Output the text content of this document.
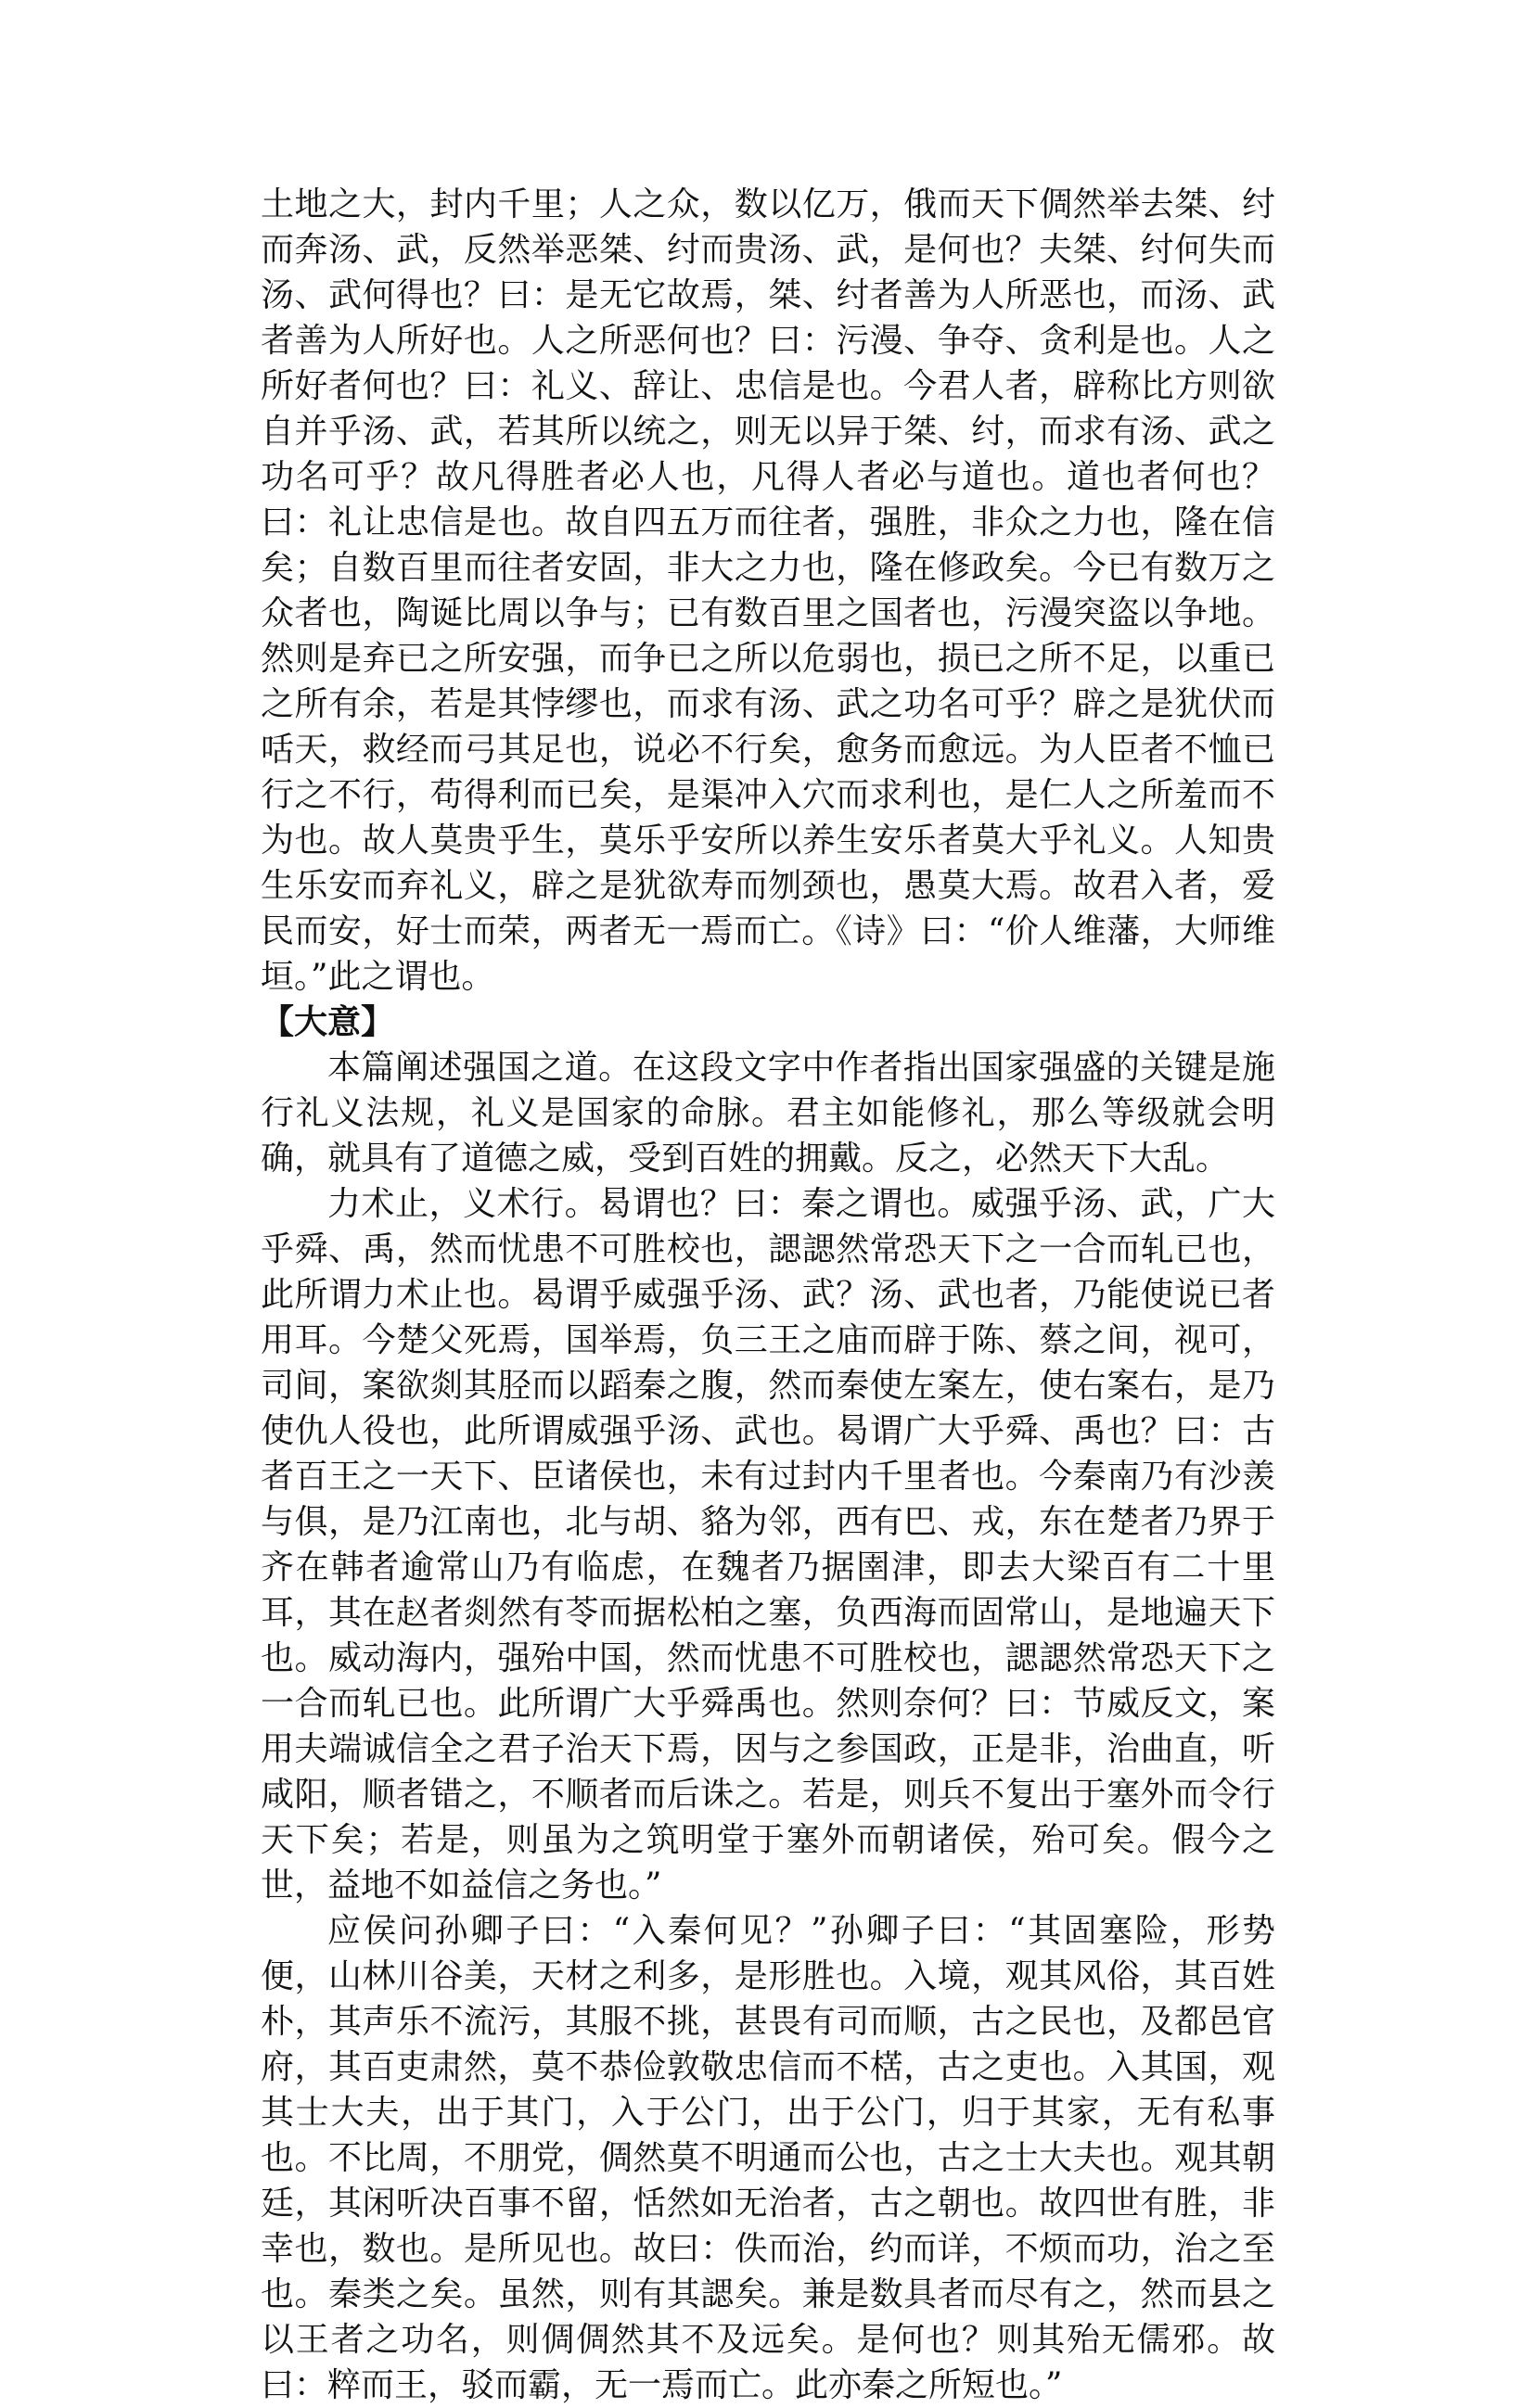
土地之大，封内千里；人之众，数以亿万，俄而天下倜然举去桀、纣而奔汤、武，反然举恶桀、纣而贵汤、武，是何也？夫桀、纣何失而汤、武何得也？曰：是无它故焉，桀、纣者善为人所恶也，而汤、武者善为人所好也。人之所恶何也？曰：污漫、争夺、贪利是也。人之所好者何也？曰：礼义、辞让、忠信是也。今君人者，辟称比方则欲自并乎汤、武，若其所以统之，则无以异于桀、纣，而求有汤、武之功名可乎？故凡得胜者必人也，凡得人者必与道也。道也者何也？曰：礼让忠信是也。故自四五万而往者，强胜，非众之力也，隆在信矣；自数百里而往者安固，非大之力也，隆在修政矣。今已有数万之众者也，陶诞比周以争与；已有数百里之国者也，污漫突盗以争地。然则是弃已之所安强，而争已之所以危弱也，损已之所不足，以重已之所有余，若是其悖缪也，而求有汤、武之功名可乎？辟之是犹伏而咶天，救经而弓其足也，说必不行矣，愈务而愈远。为人臣者不恤已行之不行，苟得利而已矣，是渠冲入穴而求利也，是仁人之所羞而不为也。故人莫贵乎生，莫乐乎安所以养生安乐者莫大乎礼义。人知贵生乐安而弃礼义，辟之是犹欲寿而刎颈也，愚莫大焉。故君入者，爱民而安，好士而荣，两者无一焉而亡。《诗》曰：“价人维藩，大师维垣。”此之谓也。

【大意】

本篇阐述强国之道。在这段文字中作者指出国家强盛的关键是施行礼义法规，礼义是国家的命脉。君主如能修礼，那么等级就会明确，就具有了道德之威，受到百姓的拥戴。反之，必然天下大乱。

力术止，义术行。曷谓也？曰：秦之谓也。威强乎汤、武，广大乎舜、禹，然而忧患不可胜校也，諰諰然常恐天下之一合而轧已也，此所谓力术止也。曷谓乎威强乎汤、武？汤、武也者，乃能使说已者用耳。今楚父死焉，国举焉，负三王之庙而辟于陈、蔡之间，视可，司间，案欲剡其胫而以蹈秦之腹，然而秦使左案左，使右案右，是乃使仇人役也，此所谓威强乎汤、武也。曷谓广大乎舜、禹也？曰：古者百王之一天下、臣诸侯也，未有过封内千里者也。今秦南乃有沙羡与俱，是乃江南也，北与胡、貉为邻，西有巴、戎，东在楚者乃界于齐在韩者逾常山乃有临虑，在魏者乃据圉津，即去大梁百有二十里耳，其在赵者剡然有苓而据松柏之塞，负西海而固常山，是地遍天下也。威动海内，强殆中国，然而忧患不可胜校也，諰諰然常恐天下之一合而轧已也。此所谓广大乎舜禹也。然则奈何？曰：节威反文，案用夫端诚信全之君子治天下焉，因与之参国政，正是非，治曲直，听咸阳，顺者错之，不顺者而后诛之。若是，则兵不复出于塞外而令行天下矣；若是，则虽为之筑明堂于塞外而朝诸侯，殆可矣。假今之世，益地不如益信之务也。”

应侯问孙卿子曰：“入秦何见？”孙卿子曰：“其固塞险，形势便，山林川谷美，天材之利多，是形胜也。入境，观其风俗，其百姓朴，其声乐不流污，其服不挑，甚畏有司而顺，古之民也，及都邑官府，其百吏肃然，莫不恭俭敦敬忠信而不楛，古之吏也。入其国，观其士大夫，出于其门，入于公门，出于公门，归于其家，无有私事也。不比周，不朋党，倜然莫不明通而公也，古之士大夫也。观其朝廷，其闲听决百事不留，恬然如无治者，古之朝也。故四世有胜，非幸也，数也。是所见也。故曰：佚而治，约而详，不烦而功，治之至也。秦类之矣。虽然，则有其諰矣。兼是数具者而尽有之，然而县之以王者之功名，则倜倜然其不及远矣。是何也？则其殆无儒邪。故曰：粹而王，驳而霸，无一焉而亡。此亦秦之所短也。”
